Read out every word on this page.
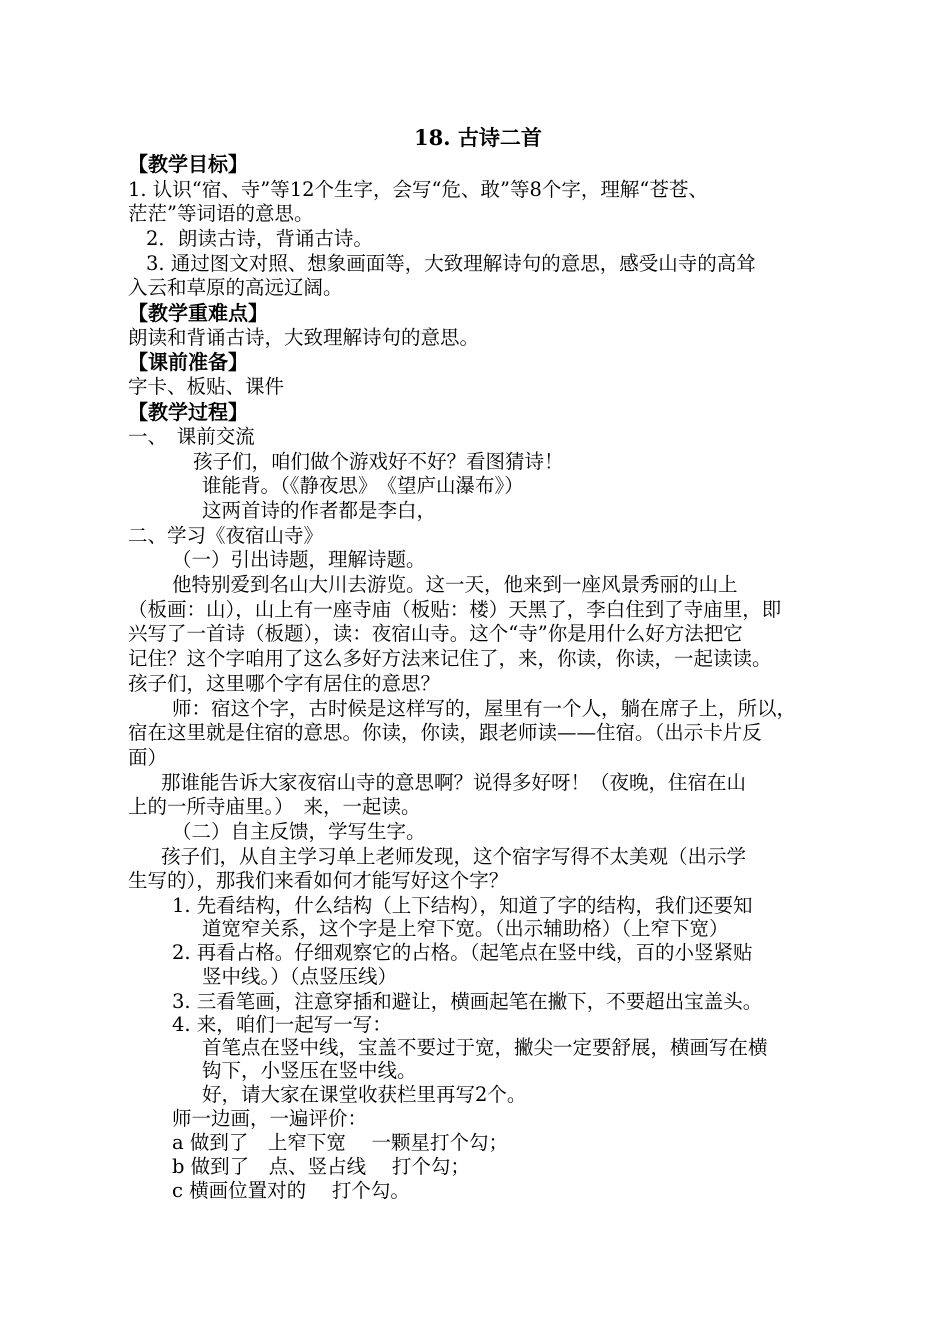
18. 古诗二首
【教学目标】
1. 认识“宿、寺”等12个生字，会写“危、敢”等8个字，理解“苍苍、
茫茫”等词语的意思。
2．朗读古诗，背诵古诗。
3. 通过图文对照、想象画面等，大致理解诗句的意思，感受山寺的高耸
入云和草原的高远辽阔。
【教学重难点】
朗读和背诵古诗，大致理解诗句的意思。
【课前准备】
字卡、板贴、课件
【教学过程】
一、　课前交流
孩子们，咱们做个游戏好不好？看图猜诗！
谁能背。（《静夜思》　《望庐山瀑布》）
这两首诗的作者都是李白，
二、学习《夜宿山寺》
（一）引出诗题，理解诗题。
他特别爱到名山大川去游览。这一天，他来到一座风景秀丽的山上
（板画：山），山上有一座寺庙（板贴：楼）天黑了，李白住到了寺庙里，即
兴写了一首诗（板题），读：夜宿山寺。这个“寺”你是用什么好方法把它
记住？这个字咱用了这么多好方法来记住了，来，你读，你读，一起读读。
孩子们，这里哪个字有居住的意思？
师：宿这个字，古时候是这样写的，屋里有一个人，躺在席子上，所以，
宿在这里就是住宿的意思。你读，你读，跟老师读——住宿。（出示卡片反
面）
那谁能告诉大家夜宿山寺的意思啊？说得多好呀！（夜晚，住宿在山
上的一所寺庙里。）　来，一起读。
（二）自主反馈，学写生字。
孩子们，从自主学习单上老师发现，这个宿字写得不太美观（出示学
生写的），那我们来看如何才能写好这个字？
1. 先看结构，什么结构（上下结构），知道了字的结构，我们还要知
道宽窄关系，这个字是上窄下宽。（出示辅助格）（上窄下宽）
2. 再看占格。仔细观察它的占格。（起笔点在竖中线，百的小竖紧贴
竖中线。）（点竖压线）
3. 三看笔画，注意穿插和避让，横画起笔在撇下，不要超出宝盖头。
4. 来，咱们一起写一写：
首笔点在竖中线，宝盖不要过于宽，撇尖一定要舒展，横画写在横
钩下，小竖压在竖中线。
好，请大家在课堂收获栏里再写2个。
师一边画，一遍评价：
a 做到了　上窄下宽　 一颗星打个勾；
b 做到了　点、竖占线　 打个勾；
c 横画位置对的　 打个勾。
